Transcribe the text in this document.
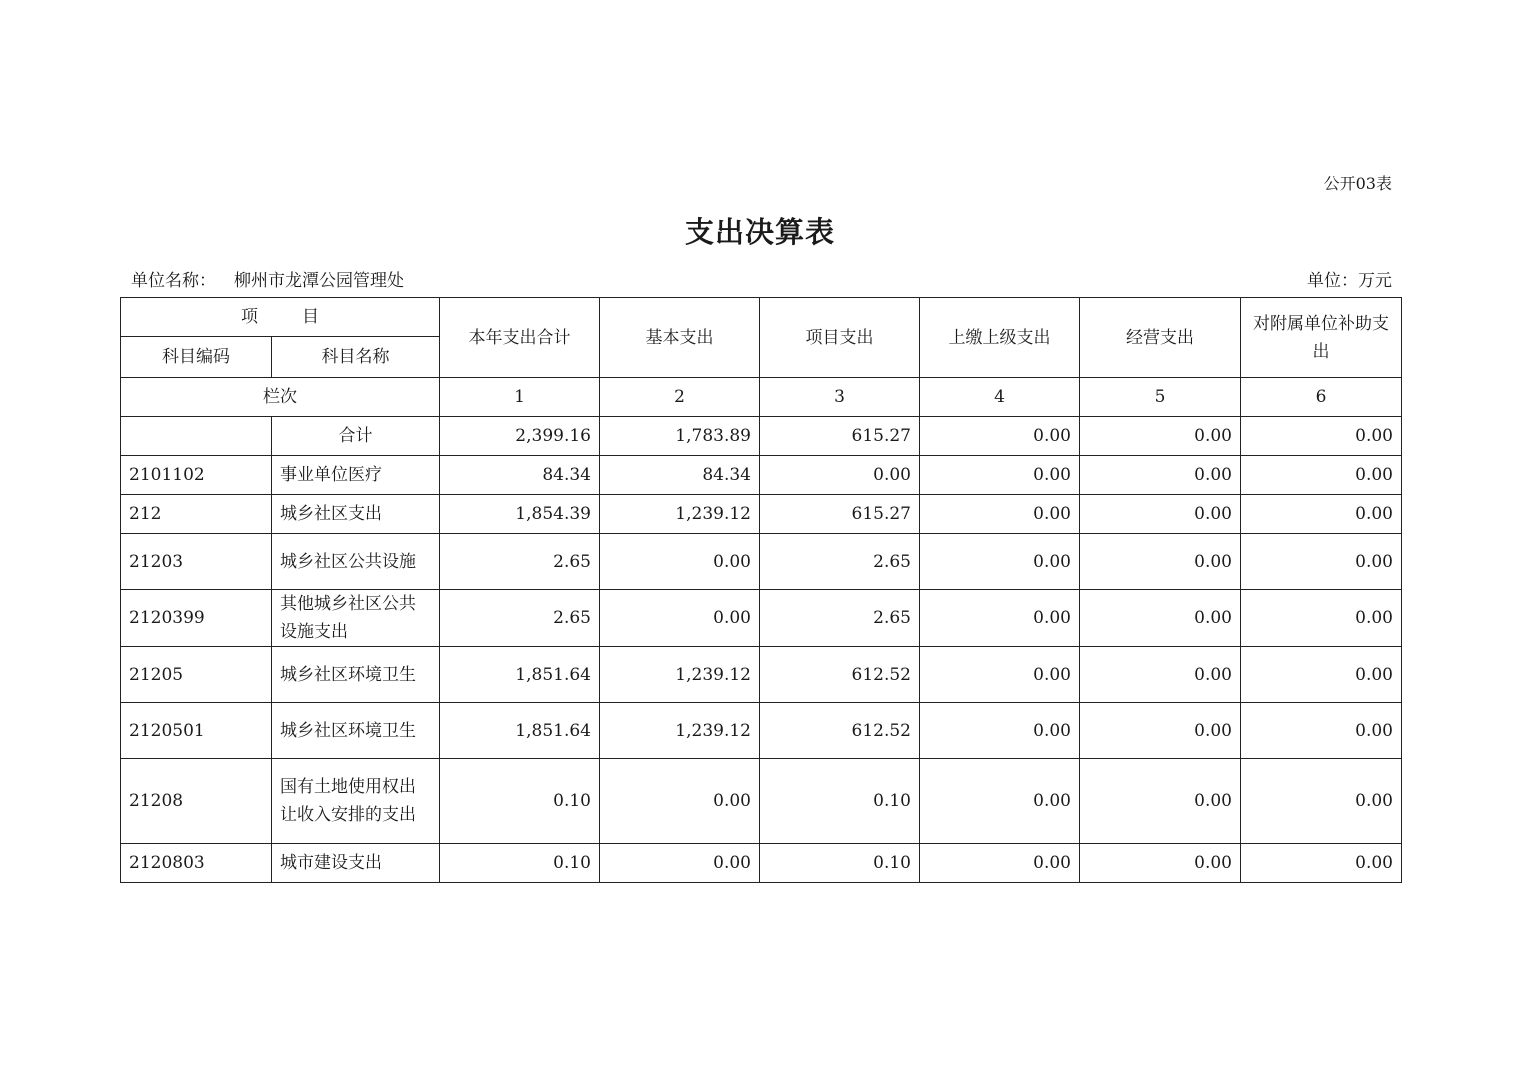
公开03表
支出决算表
单位名称： 柳州市龙潭公园管理处	单位：万元
项 目		本年支出合计	基本支出	项目支出	上缴上级支出	经营支出	对附属单位补助支出
科目编码	科目名称						
栏次		1	2	3	4	5	6
	合计	2,399.16	1,783.89	615.27	0.00	0.00	0.00
2101102	事业单位医疗	84.34	84.34	0.00	0.00	0.00	0.00
212	城乡社区支出	1,854.39	1,239.12	615.27	0.00	0.00	0.00
21203	城乡社区公共设施	2.65	0.00	2.65	0.00	0.00	0.00
2120399	其他城乡社区公共设施支出	2.65	0.00	2.65	0.00	0.00	0.00
21205	城乡社区环境卫生	1,851.64	1,239.12	612.52	0.00	0.00	0.00
2120501	城乡社区环境卫生	1,851.64	1,239.12	612.52	0.00	0.00	0.00
21208	国有土地使用权出让收入安排的支出	0.10	0.00	0.10	0.00	0.00	0.00
2120803	城市建设支出	0.10	0.00	0.10	0.00	0.00	0.00
